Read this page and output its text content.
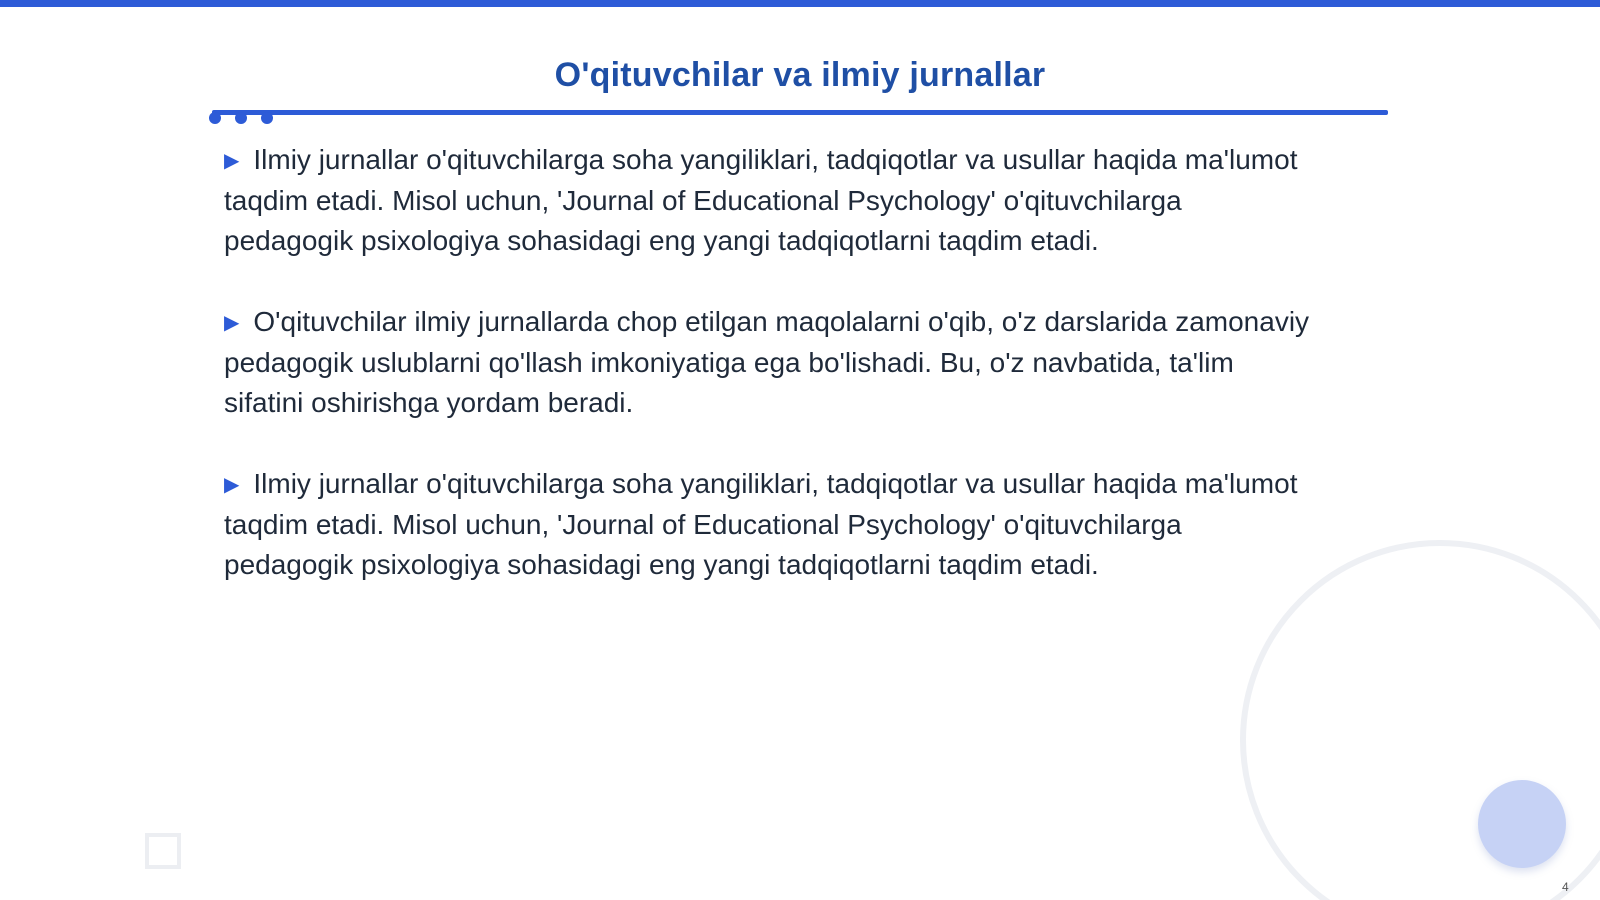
O'qituvchilar va ilmiy jurnallar

▶ Ilmiy jurnallar o'qituvchilarga soha yangiliklari, tadqiqotlar va usullar haqida ma'lumot taqdim etadi. Misol uchun, 'Journal of Educational Psychology' o'qituvchilarga pedagogik psixologiya sohasidagi eng yangi tadqiqotlarni taqdim etadi.

▶ O'qituvchilar ilmiy jurnallarda chop etilgan maqolalarni o'qib, o'z darslarida zamonaviy pedagogik uslublarni qo'llash imkoniyatiga ega bo'lishadi. Bu, o'z navbatida, ta'lim sifatini oshirishga yordam beradi.

▶ Ilmiy jurnallar o'qituvchilarga soha yangiliklari, tadqiqotlar va usullar haqida ma'lumot taqdim etadi. Misol uchun, 'Journal of Educational Psychology' o'qituvchilarga pedagogik psixologiya sohasidagi eng yangi tadqiqotlarni taqdim etadi.

4
